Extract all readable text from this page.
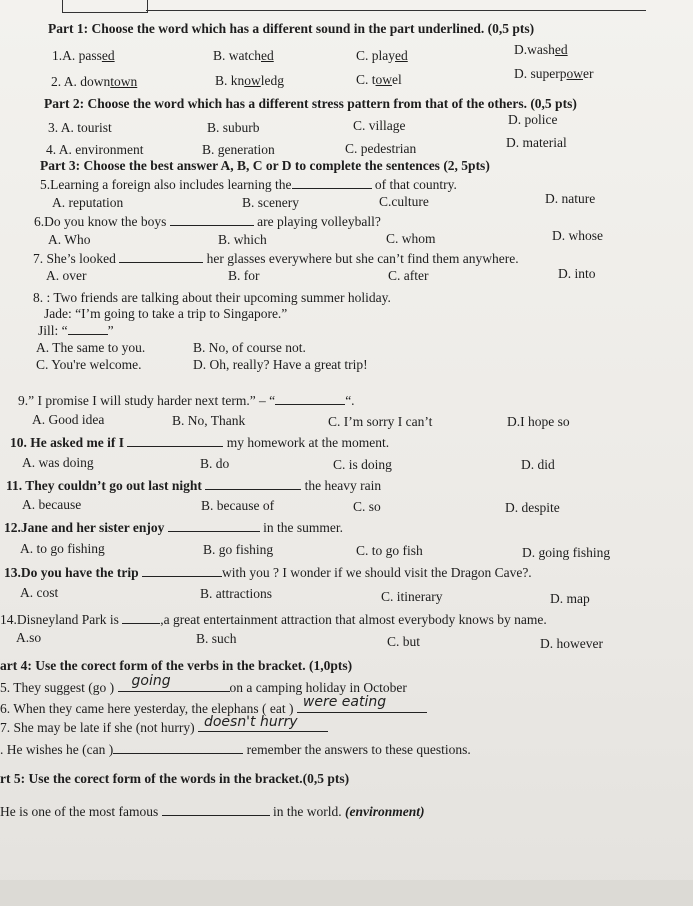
Part 1: Choose the word which has a different sound in the part underlined. (0,5 pts)
1.A. passed	B. watched	C. played	D.washed
2. A. downtown	B. knowledg	C. towel	D. superpower
Part 2: Choose the word which has a different stress pattern from that of the others. (0,5 pts)
3. A. tourist	B. suburb	C. village	D. police
4. A. environment	B. generation	C. pedestrian	D. material
Part 3: Choose the best answer A, B, C or D to complete the sentences (2, 5pts)
5.Learning a foreign also includes learning the	of that country.
A. reputation	B. scenery	C.culture	D. nature
6.Do you know the boys	are playing volleyball?
A. Who	B. which	C. whom	D. whose
7. She’s looked	her glasses everywhere but she can’t find them anywhere.
A. over	B. for	C. after	D. into
8. : Two friends are talking about their upcoming summer holiday.
Jade: “I’m going to take a trip to Singapore.”
Jill: “	”
A. The same to you.	B. No, of course not.
C. You're welcome.	D. Oh, really? Have a great trip!
9.” I promise I will study harder next term.” – “	“.
A. Good idea	B. No, Thank	C. I’m sorry I can’t	D.I hope so
10. He asked me if I	my homework at the moment.
A. was doing	B. do	C. is doing	D. did
11. They couldn’t go out last night	the heavy rain
A. because	B. because of	C. so	D. despite
12.Jane and her sister enjoy	in the summer.
A. to go fishing	B. go fishing	C. to go fish	D. going fishing
13.Do you have the trip	with you ? I wonder if we should visit the Dragon Cave?.
A. cost	B. attractions	C. itinerary	D. map
14.Disneyland Park is	,a great entertainment attraction that almost everybody knows by name.
A.so	B. such	C. but	D. however
art 4: Use the corect form of the verbs in the bracket. (1,0pts)
5. They suggest (go ) going	on a camping holiday in October
6. When they came here yesterday, the elephans ( eat ) were eating
7. She may be late if she (not hurry) doesn't hurry
. He wishes he (can )	remember the answers to these questions.
rt 5: Use the corect form of the words in the bracket.(0,5 pts)
He is one of the most famous	in the world. (environment)
